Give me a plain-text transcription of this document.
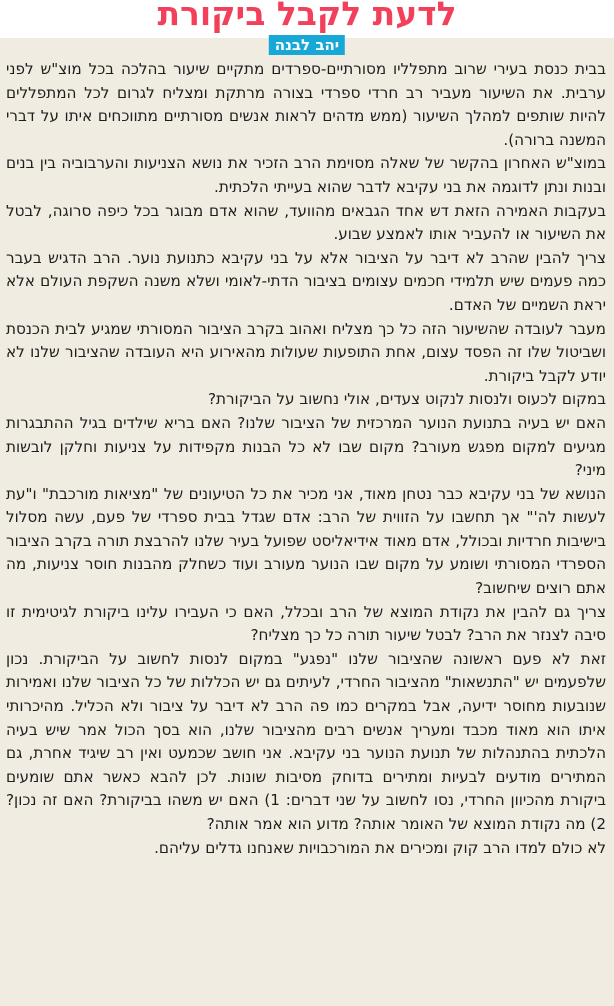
לדעת לקבל ביקורת
יהב לבנה

בבית כנסת בעירי שרוב מתפלליו מסורתיים-ספרדים מתקיים שיעור בהלכה בכל מוצ"ש לפני ערבית. את השיעור מעביר רב חרדי ספרדי בצורה מרתקת ומצליח לגרום לכל המתפללים להיות שותפים למהלך השיעור (ממש מדהים לראות אנשים מסורתיים מתווכחים איתו על דברי המשנה ברורה).

במוצ"ש האחרון בהקשר של שאלה מסוימת הרב הזכיר את נושא הצניעות והערבוביה בין בנים ובנות ונתן לדוגמה את בני עקיבא לדבר שהוא בעייתי הלכתית.

בעקבות האמירה הזאת דש אחד הגבאים מהוועד, שהוא אדם מבוגר בכל כיפה סרוגה, לבטל את השיעור או להעביר אותו לאמצע שבוע.

צריך להבין שהרב לא דיבר על הציבור אלא על בני עקיבא כתנועת נוער. הרב הדגיש בעבר כמה פעמים שיש תלמידי חכמים עצומים בציבור הדתי-לאומי ושלא משנה השקפת העולם אלא יראת השמיים של האדם.

מעבר לעובדה שהשיעור הזה כל כך מצליח ואהוב בקרב הציבור המסורתי שמגיע לבית הכנסת ושביטול שלו זה הפסד עצום, אחת התופעות שעולות מהאירוע היא העובדה שהציבור שלנו לא יודע לקבל ביקורת.

במקום לכעוס ולנסות לנקוט צעדים, אולי נחשוב על הביקורת?

האם יש בעיה בתנועת הנוער המרכזית של הציבור שלנו? האם בריא שילדים בגיל ההתבגרות מגיעים למקום מפגש מעורב? מקום שבו לא כל הבנות מקפידות על צניעות וחלקן לובשות מיני?

הנושא של בני עקיבא כבר נטחן מאוד, אני מכיר את כל הטיעונים של "מציאות מורכבת" ו"עת לעשות לה'" אך תחשבו על הזווית של הרב: אדם שגדל בבית ספרדי של פעם, עשה מסלול בישיבות חרדיות ובכולל, אדם מאוד אידיאליסט שפועל בעיר שלנו להרבצת תורה בקרב הציבור הספרדי המסורתי ושומע על מקום שבו הנוער מעורב ועוד כשחלק מהבנות חוסר צניעות, מה אתם רוצים שיחשוב?

צריך גם להבין את נקודת המוצא של הרב ובכלל, האם כי העבירו עלינו ביקורת לגיטימית זו סיבה לצנזר את הרב? לבטל שיעור תורה כל כך מצליח?

זאת לא פעם ראשונה שהציבור שלנו "נפגע" במקום לנסות לחשוב על הביקורת. נכון שלפעמים יש "התנשאות" מהציבור החרדי, לעיתים גם יש הכללות של כל הציבור שלנו ואמירות שנובעות מחוסר ידיעה, אבל במקרים כמו פה הרב לא דיבר על ציבור ולא הכליל. מהיכרותי איתו הוא מאוד מכבד ומעריך אנשים רבים מהציבור שלנו, הוא בסך הכול אמר שיש בעיה הלכתית בהתנהלות של תנועת הנוער בני עקיבא. אני חושב שכמעט ואין רב שיגיד אחרת, גם המתירים מודעים לבעיות ומתירים בדוחק מסיבות שונות. לכן להבא כאשר אתם שומעים ביקורת מהכיוון החרדי, נסו לחשוב על שני דברים: 1) האם יש משהו בביקורת? האם זה נכון? 2) מה נקודת המוצא של האומר אותה? מדוע הוא אמר אותה?

לא כולם למדו הרב קוק ומכירים את המורכבויות שאנחנו גדלים עליהם.
